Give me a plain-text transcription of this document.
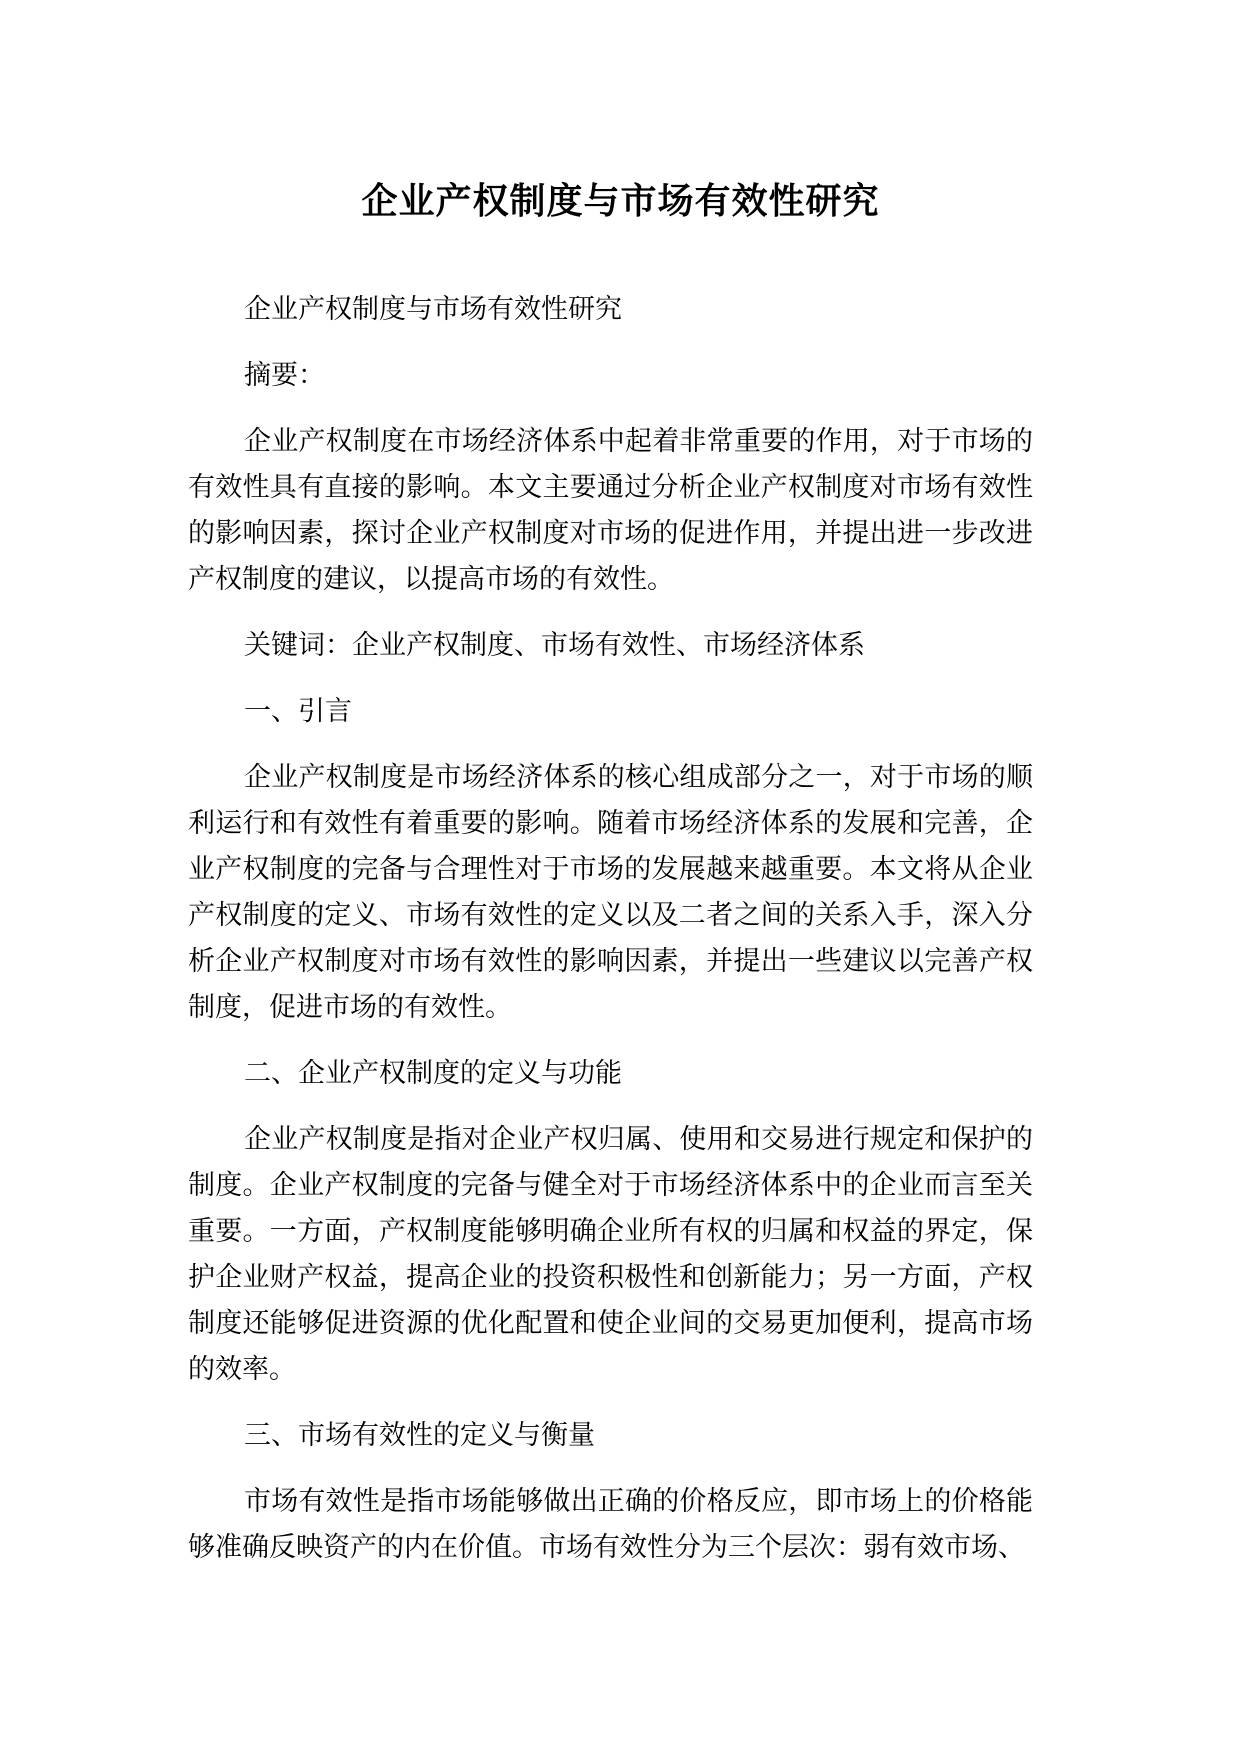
企业产权制度与市场有效性研究

企业产权制度与市场有效性研究

摘要：

企业产权制度在市场经济体系中起着非常重要的作用，对于市场的有效性具有直接的影响。本文主要通过分析企业产权制度对市场有效性的影响因素，探讨企业产权制度对市场的促进作用，并提出进一步改进产权制度的建议，以提高市场的有效性。

关键词：企业产权制度、市场有效性、市场经济体系

一、引言

企业产权制度是市场经济体系的核心组成部分之一，对于市场的顺利运行和有效性有着重要的影响。随着市场经济体系的发展和完善，企业产权制度的完备与合理性对于市场的发展越来越重要。本文将从企业产权制度的定义、市场有效性的定义以及二者之间的关系入手，深入分析企业产权制度对市场有效性的影响因素，并提出一些建议以完善产权制度，促进市场的有效性。

二、企业产权制度的定义与功能

企业产权制度是指对企业产权归属、使用和交易进行规定和保护的制度。企业产权制度的完备与健全对于市场经济体系中的企业而言至关重要。一方面，产权制度能够明确企业所有权的归属和权益的界定，保护企业财产权益，提高企业的投资积极性和创新能力；另一方面，产权制度还能够促进资源的优化配置和使企业间的交易更加便利，提高市场的效率。

三、市场有效性的定义与衡量

市场有效性是指市场能够做出正确的价格反应，即市场上的价格能够准确反映资产的内在价值。市场有效性分为三个层次：弱有效市场、
